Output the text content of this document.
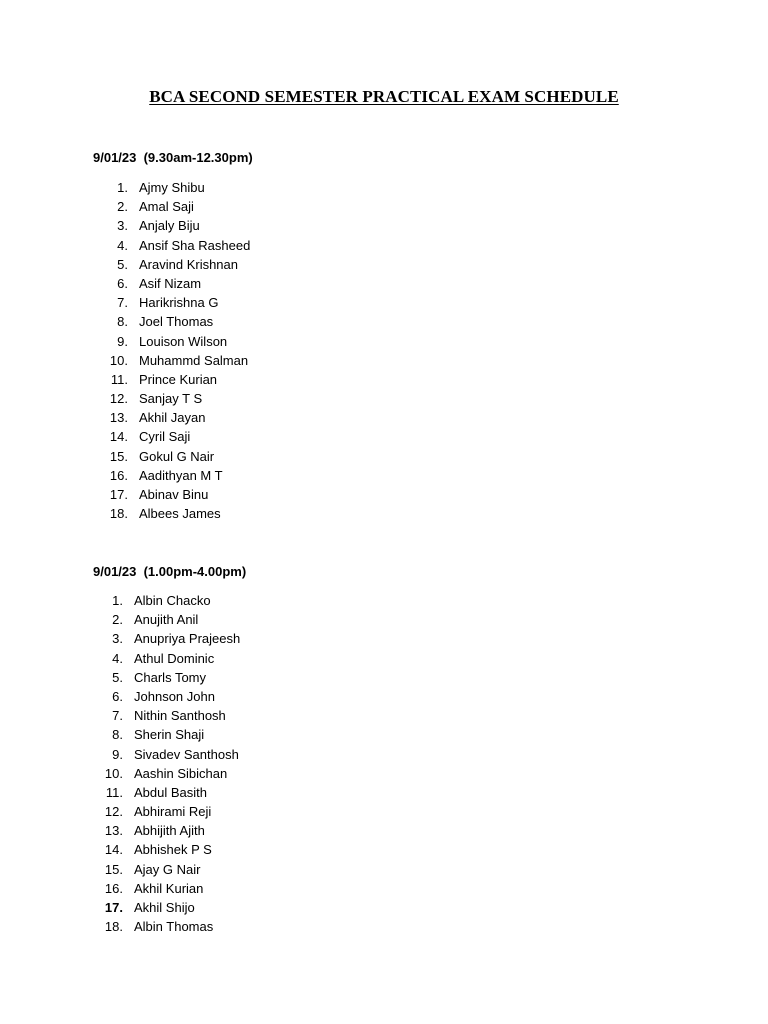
BCA SECOND SEMESTER PRACTICAL EXAM SCHEDULE
9/01/23  (9.30am-12.30pm)
1. Ajmy Shibu
2. Amal Saji
3. Anjaly Biju
4. Ansif Sha Rasheed
5. Aravind Krishnan
6. Asif Nizam
7. Harikrishna G
8. Joel Thomas
9. Louison Wilson
10. Muhammd Salman
11. Prince Kurian
12. Sanjay T S
13. Akhil Jayan
14. Cyril Saji
15. Gokul G Nair
16. Aadithyan M T
17. Abinav Binu
18. Albees James
9/01/23  (1.00pm-4.00pm)
1. Albin Chacko
2. Anujith Anil
3. Anupriya Prajeesh
4. Athul Dominic
5. Charls Tomy
6. Johnson John
7. Nithin Santhosh
8. Sherin Shaji
9. Sivadev Santhosh
10. Aashin Sibichan
11. Abdul Basith
12. Abhirami Reji
13. Abhijith Ajith
14. Abhishek P S
15. Ajay G Nair
16. Akhil Kurian
17. Akhil Shijo
18. Albin Thomas
